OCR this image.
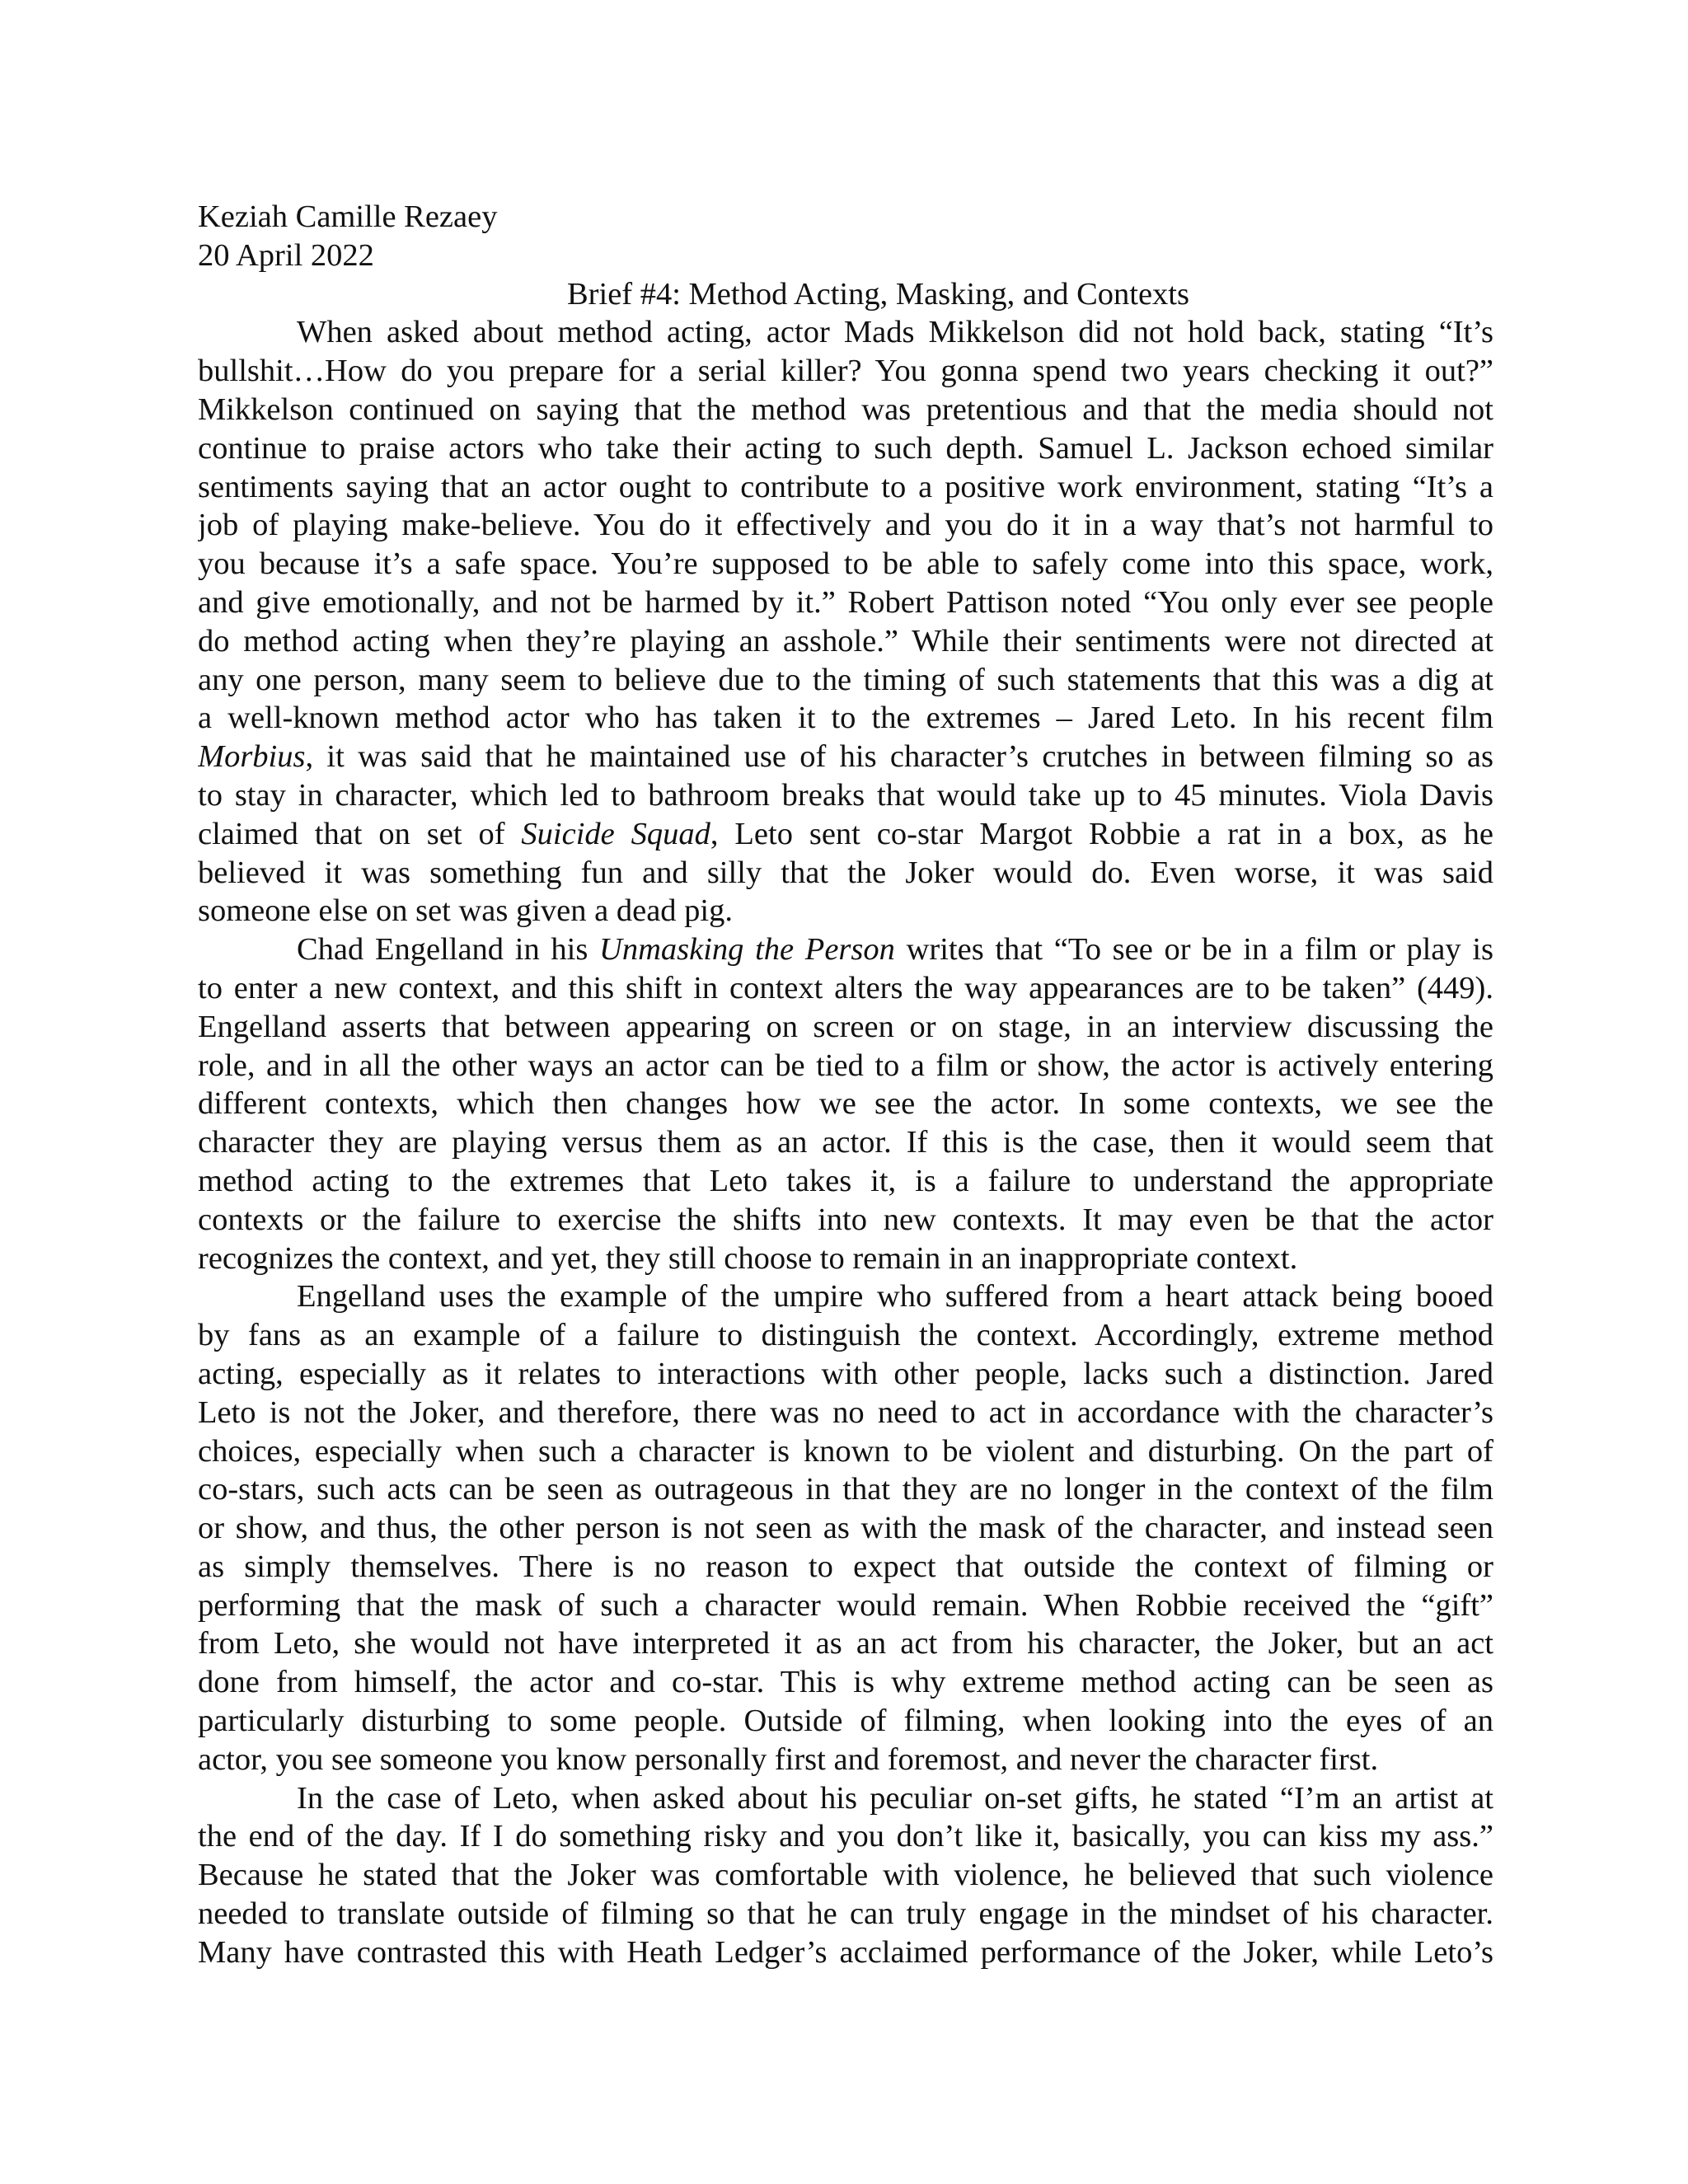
Keziah Camille Rezaey
20 April 2022
Brief #4: Method Acting, Masking, and Contexts
When asked about method acting, actor Mads Mikkelson did not hold back, stating “It’s
bullshit…How do you prepare for a serial killer? You gonna spend two years checking it out?”
Mikkelson continued on saying that the method was pretentious and that the media should not
continue to praise actors who take their acting to such depth. Samuel L. Jackson echoed similar
sentiments saying that an actor ought to contribute to a positive work environment, stating “It’s a
job of playing make-believe. You do it effectively and you do it in a way that’s not harmful to
you because it’s a safe space. You’re supposed to be able to safely come into this space, work,
and give emotionally, and not be harmed by it.” Robert Pattison noted “You only ever see people
do method acting when they’re playing an asshole.” While their sentiments were not directed at
any one person, many seem to believe due to the timing of such statements that this was a dig at
a well-known method actor who has taken it to the extremes – Jared Leto. In his recent film
Morbius, it was said that he maintained use of his character’s crutches in between filming so as
to stay in character, which led to bathroom breaks that would take up to 45 minutes. Viola Davis
claimed that on set of Suicide Squad, Leto sent co-star Margot Robbie a rat in a box, as he
believed it was something fun and silly that the Joker would do. Even worse, it was said
someone else on set was given a dead pig.
Chad Engelland in his Unmasking the Person writes that “To see or be in a film or play is
to enter a new context, and this shift in context alters the way appearances are to be taken” (449).
Engelland asserts that between appearing on screen or on stage, in an interview discussing the
role, and in all the other ways an actor can be tied to a film or show, the actor is actively entering
different contexts, which then changes how we see the actor. In some contexts, we see the
character they are playing versus them as an actor. If this is the case, then it would seem that
method acting to the extremes that Leto takes it, is a failure to understand the appropriate
contexts or the failure to exercise the shifts into new contexts. It may even be that the actor
recognizes the context, and yet, they still choose to remain in an inappropriate context.
Engelland uses the example of the umpire who suffered from a heart attack being booed
by fans as an example of a failure to distinguish the context. Accordingly, extreme method
acting, especially as it relates to interactions with other people, lacks such a distinction. Jared
Leto is not the Joker, and therefore, there was no need to act in accordance with the character’s
choices, especially when such a character is known to be violent and disturbing. On the part of
co-stars, such acts can be seen as outrageous in that they are no longer in the context of the film
or show, and thus, the other person is not seen as with the mask of the character, and instead seen
as simply themselves. There is no reason to expect that outside the context of filming or
performing that the mask of such a character would remain. When Robbie received the “gift”
from Leto, she would not have interpreted it as an act from his character, the Joker, but an act
done from himself, the actor and co-star. This is why extreme method acting can be seen as
particularly disturbing to some people. Outside of filming, when looking into the eyes of an
actor, you see someone you know personally first and foremost, and never the character first.
In the case of Leto, when asked about his peculiar on-set gifts, he stated “I’m an artist at
the end of the day. If I do something risky and you don’t like it, basically, you can kiss my ass.”
Because he stated that the Joker was comfortable with violence, he believed that such violence
needed to translate outside of filming so that he can truly engage in the mindset of his character.
Many have contrasted this with Heath Ledger’s acclaimed performance of the Joker, while Leto’s
